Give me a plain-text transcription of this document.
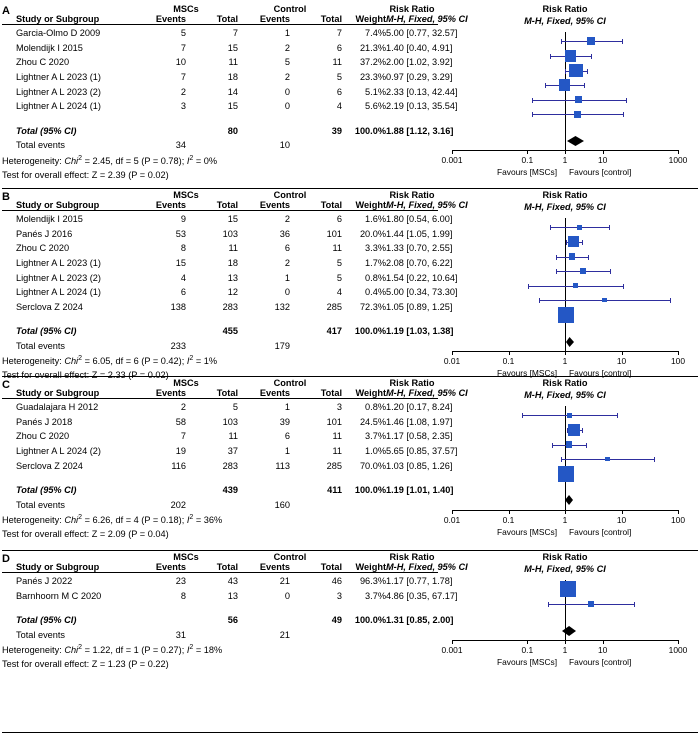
A
		MSCs		Control			Risk Ratio
Study or Subgroup	Events	Total	Events	Total	Weight	M-H, Fixed, 95% CI

Garcia-Olmo D 2009	5	7	1	7	7.4%	5.00 [0.77, 32.57]
Molendijk I 2015	7	15	2	6	21.3%	1.40 [0.40, 4.91]
Zhou C 2020	10	11	5	11	37.2%	2.00 [1.02, 3.92]
Lightner A L 2023 (1)	7	18	2	5	23.3%	0.97 [0.29, 3.29]
Lightner A L 2023 (2)	2	14	0	6	5.1%	2.33 [0.13, 42.44]
Lightner A L 2024 (1)	3	15	0	4	5.6%	2.19 [0.13, 35.54]

Total (95% CI)		80		39	100.0%	1.88 [1.12, 3.16]
Total events	34		10			
Heterogeneity: Chi$^2$ = 2.45, df = 5 (P = 0.78); $I^2 = 0\%$						
Test for overall effect: Z = 2.39 (P = 0.02)						
Risk Ratio
M-H, Fixed, 95% CI
0.001	0.1	1	10	1000
Favours [MSCs] Favours [control]
B
		MSCs		Control			Risk Ratio
Study or Subgroup	Events	Total	Events	Total	Weight	M-H, Fixed, 95% CI

Molendijk I 2015	9	15	2	6	1.6%	1.80 [0.54, 6.00]
Panés J 2016	53	103	36	101	20.0%	1.44 [1.05, 1.99]
Zhou C 2020	8	11	6	11	3.3%	1.33 [0.70, 2.55]
Lightner A L 2023 (1)	15	18	2	5	1.7%	2.08 [0.70, 6.22]
Lightner A L 2023 (2)	4	13	1	5	0.8%	1.54 [0.22, 10.64]
Lightner A L 2024 (1)	6	12	0	4	0.4%	5.00 [0.34, 73.30]
Serclova Z 2024	138	283	132	285	72.3%	1.05 [0.89, 1.25]

Total (95% CI)		455		417	100.0%	1.19 [1.03, 1.38]
Total events	233		179			
Heterogeneity: Chi$^2$ = 6.05, df = 6 (P = 0.42); $I^2 = 1\%$						
Test for overall effect: Z = 2.33 (P = 0.02)						
Risk Ratio
M-H, Fixed, 95% CI
0.01	0.1	1	10	100
Favours [MSCs] Favours [control]
C
		MSCs		Control			Risk Ratio
Study or Subgroup	Events	Total	Events	Total	Weight	M-H, Fixed, 95% CI

Guadalajara H 2012	2	5	1	3	0.8%	1.20 [0.17, 8.24]
Panés J 2018	58	103	39	101	24.5%	1.46 [1.08, 1.97]
Zhou C 2020	7	11	6	11	3.7%	1.17 [0.58, 2.35]
Lightner A L 2024 (2)	19	37	1	11	1.0%	5.65 [0.85, 37.57]
Serclova Z 2024	116	283	113	285	70.0%	1.03 [0.85, 1.26]

Total (95% CI)		439		411	100.0%	1.19 [1.01, 1.40]
Total events	202		160			
Heterogeneity: Chi$^2$ = 6.26, df = 4 (P = 0.18); $I^2 = 36\%$						
Test for overall effect: Z = 2.09 (P = 0.04)						
Risk Ratio
M-H, Fixed, 95% CI
0.01	0.1	1	10	100
Favours [MSCs] Favours [control]
D
		MSCs		Control			Risk Ratio
Study or Subgroup	Events	Total	Events	Total	Weight	M-H, Fixed, 95% CI

Panés J 2022	23	43	21	46	96.3%	1.17 [0.77, 1.78]
Barnhoorn M C 2020	8	13	0	3	3.7%	4.86 [0.35, 67.17]

Total (95% CI)		56		49	100.0%	1.31 [0.85, 2.00]
Total events	31		21			
Heterogeneity: Chi$^2$ = 1.22, df = 1 (P = 0.27); $I^2 = 18\%$						
Test for overall effect: Z = 1.23 (P = 0.22)						
Risk Ratio
M-H, Fixed, 95% CI
0.001	0.1	1	10	1000
Favours [MSCs] Favours [control]
